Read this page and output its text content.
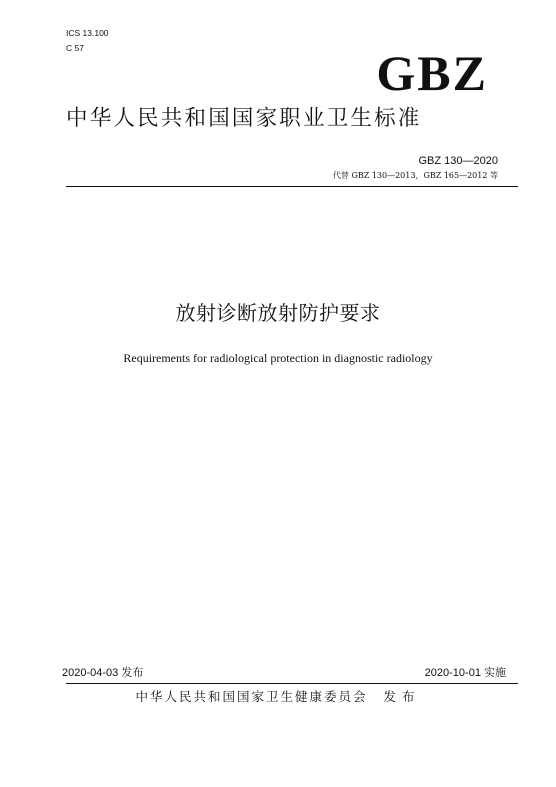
ICS 13.100
C 57	GBZ
中华人民共和国国家职业卫生标准
GBZ 130—2020
代替 GBZ 130—2013，GBZ 165—2012 等
放射诊断放射防护要求
Requirements for radiological protection in diagnostic radiology
2020-04-03 发布	2020-10-01 实施
中华人民共和国国家卫生健康委员会 发布
